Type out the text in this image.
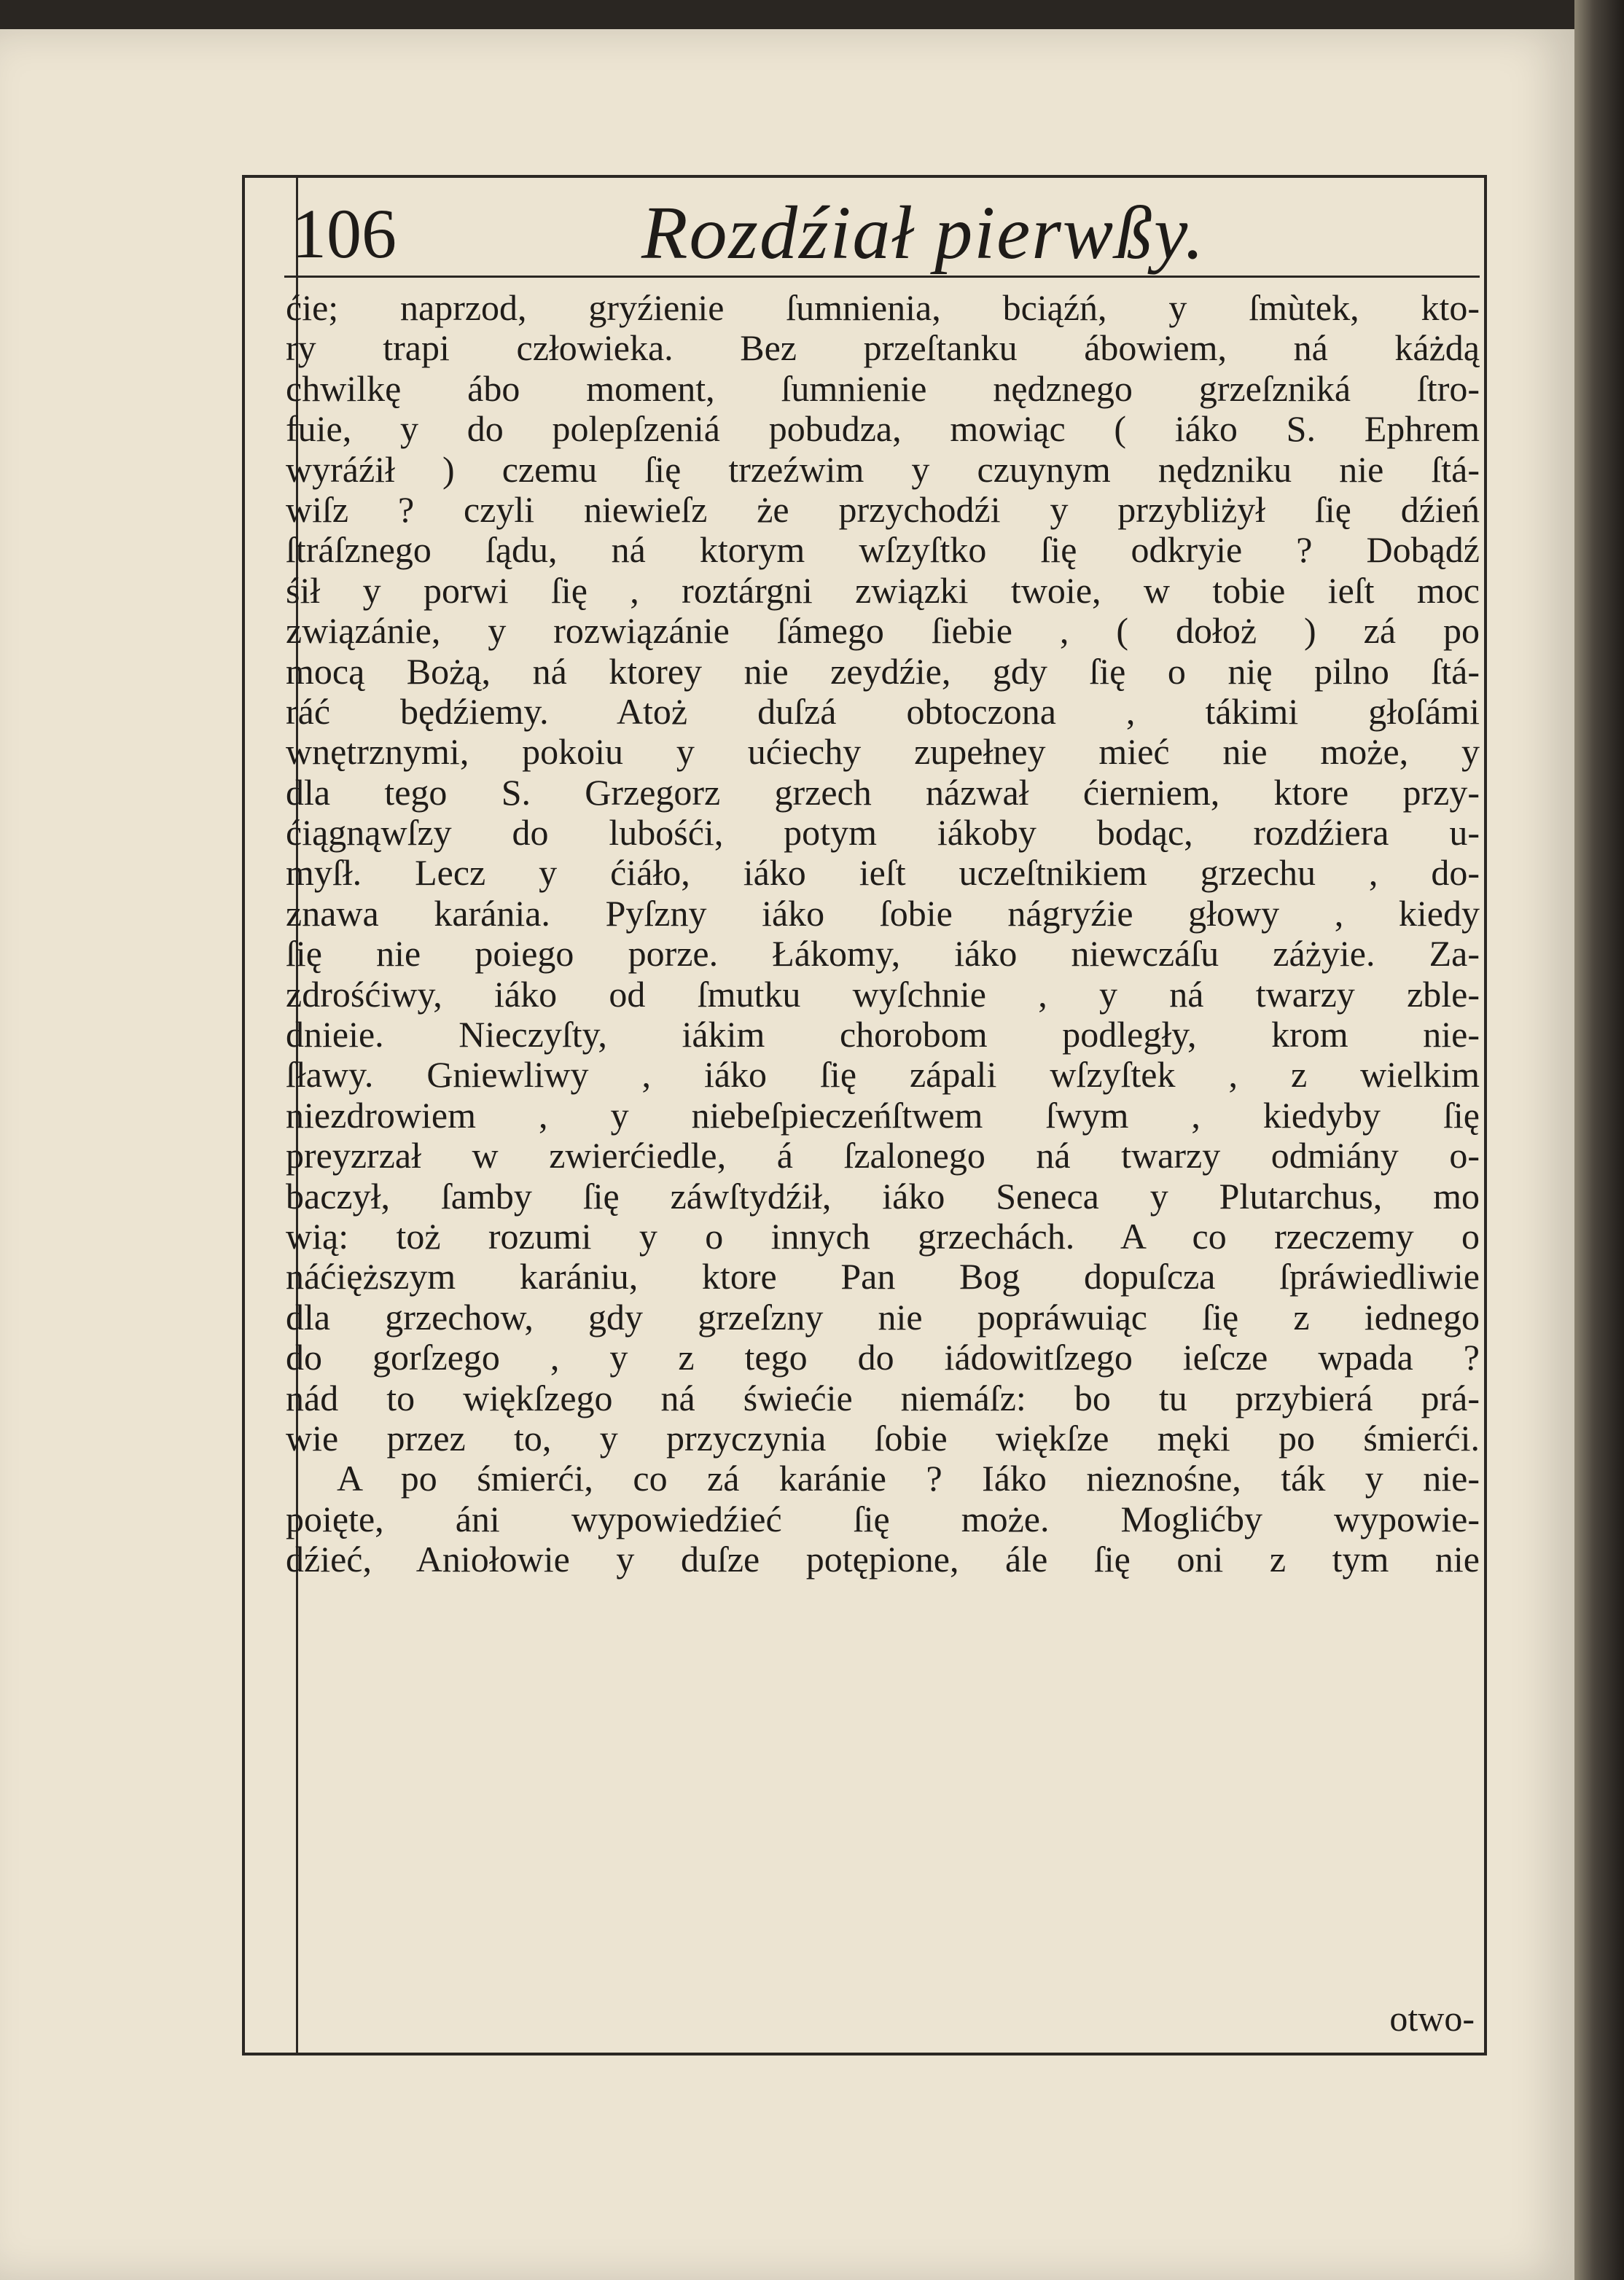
106	Rozdźiał pierwßy.
ćie; naprzod, gryźienie ſumnienia, bciąźń, y ſmùtek, kto-
ry trapi człowieka. Bez przeſtanku ábowiem, ná káżdą
chwilkę ábo moment, ſumnienie nędznego grzeſzniká ſtro-
fuie, y do polepſzeniá pobudza, mowiąc ( iáko S. Ephrem
wyráźił ) czemu ſię trzeźwim y czuynym nędzniku nie ſtá-
wiſz ? czyli niewieſz że przychodźi y przybliżył ſię dźień
ſtráſznego ſądu, ná ktorym wſzyſtko ſię odkryie ? Dobądź
śił y porwi ſię , roztárgni związki twoie, w tobie ieſt moc
związánie, y rozwiązánie ſámego ſiebie , ( dołoż ) zá po
mocą Bożą, ná ktorey nie zeydźie, gdy ſię o nię pilno ſtá-
ráć będźiemy. Atoż duſzá obtoczona , tákimi głoſámi
wnętrznymi, pokoiu y ućiechy zupełney mieć nie może, y
dla tego S. Grzegorz grzech názwał ćierniem, ktore przy-
ćiągnąwſzy do lubośći, potym iákoby bodąc, rozdźiera u-
myſł. Lecz y ćiáło, iáko ieſt uczeſtnikiem grzechu , do-
znawa karánia. Pyſzny iáko ſobie nágryźie głowy , kiedy
ſię nie poiego porze. Łákomy, iáko niewczáſu záżyie. Za-
zdrośćiwy, iáko od ſmutku wyſchnie , y ná twarzy zble-
dnieie. Nieczyſty, iákim chorobom podległy, krom nie-
ſławy. Gniewliwy , iáko ſię zápali wſzyſtek , z wielkim
niezdrowiem , y niebeſpieczeńſtwem ſwym , kiedyby ſię
preyzrzał w zwierćiedle, á ſzalonego ná twarzy odmiány o-
baczył, ſamby ſię záwſtydźił, iáko Seneca y Plutarchus, mo
wią: toż rozumi y o innych grzechách. A co rzeczemy o
náćięższym karániu, ktore Pan Bog dopuſcza ſpráwiedliwie
dla grzechow, gdy grzeſzny nie popráwuiąc ſię z iednego
do gorſzego , y z tego do iádowitſzego ieſcze wpada ?
nád to więkſzego ná świećie niemáſz: bo tu przybierá prá-
wie przez to, y przyczynia ſobie więkſze męki po śmierći.
A po śmierći, co zá karánie ? Iáko nieznośne, ták y nie-
poięte, áni wypowiedźieć ſię może. Moglićby wypowie-
dźieć, Aniołowie y duſze potępione, ále ſię oni z tym nie
otwo-
